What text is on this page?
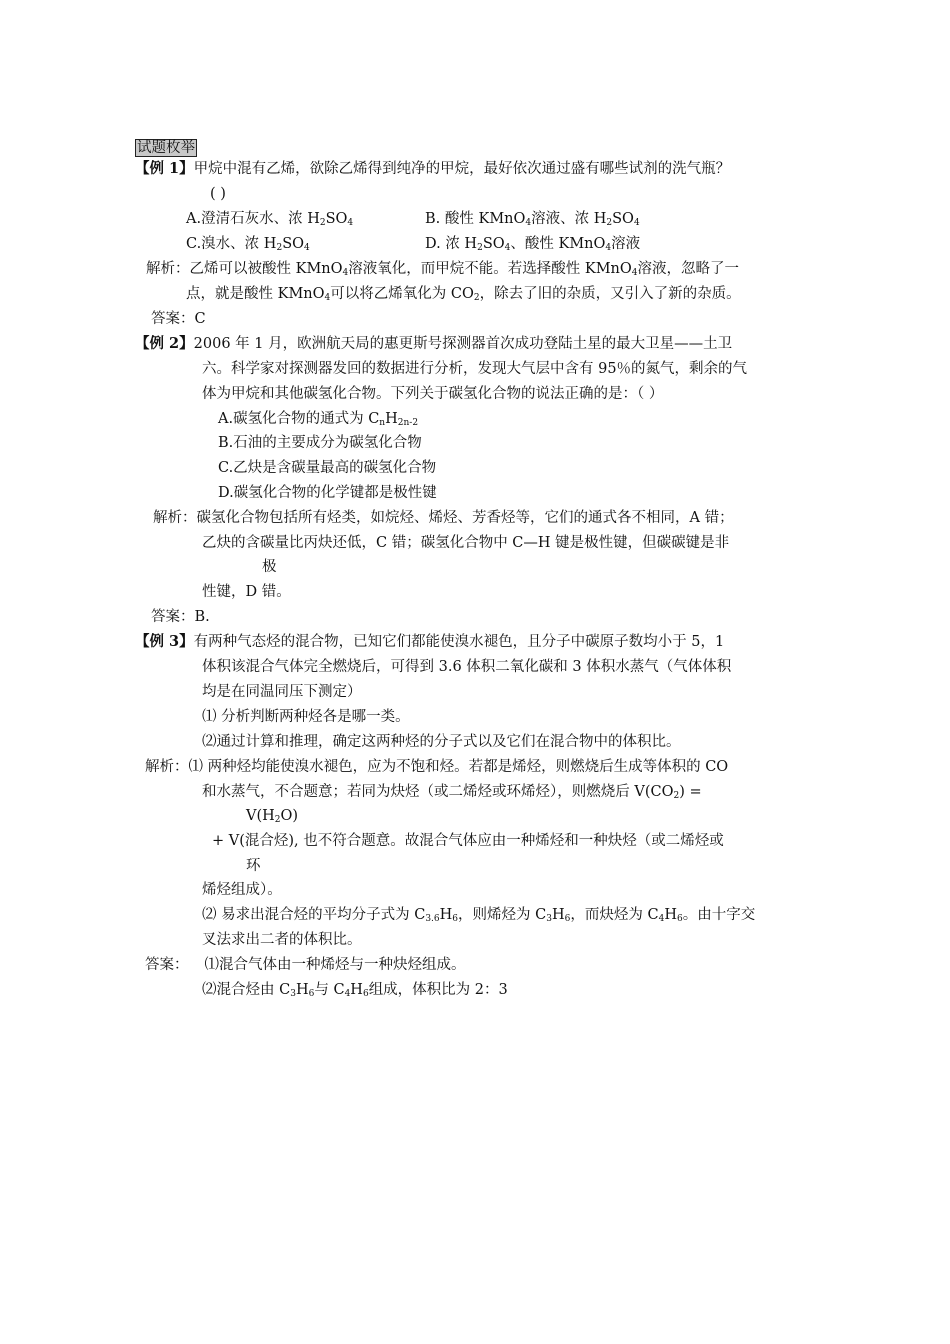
试题枚举
【例 1】甲烷中混有乙烯，欲除乙烯得到纯净的甲烷，最好依次通过盛有哪些试剂的洗气瓶？
( )
A.澄清石灰水、浓 $H_2SO_4$	B. 酸性 KMnO$_4$溶液、浓 $H_2SO_4$
C.溴水、浓 $H_2SO_4$	D. 浓 $H_2SO_4$、酸性 KMnO$_4$溶液
解析：乙烯可以被酸性 KMnO$_4$溶液氧化，而甲烷不能。若选择酸性 KMnO$_4$溶液，忽略了一
点，就是酸性 KMnO$_4$可以将乙烯氧化为 $CO_2$，除去了旧的杂质，又引入了新的杂质。
答案：C
【例 2】2006 年 1 月，欧洲航天局的惠更斯号探测器首次成功登陆土星的最大卫星——土卫
六。科学家对探测器发回的数据进行分析，发现大气层中含有 95％的氮气，剩余的气
体为甲烷和其他碳氢化合物。下列关于碳氢化合物的说法正确的是：（ ）
A.碳氢化合物的通式为 $C_nH_{2n-2}$
B.石油的主要成分为碳氢化合物
C.乙炔是含碳量最高的碳氢化合物
D.碳氢化合物的化学键都是极性键
解析：碳氢化合物包括所有烃类，如烷烃、烯烃、芳香烃等，它们的通式各不相同，A 错；
乙炔的含碳量比丙炔还低，C 错；碳氢化合物中 C—H 键是极性键，但碳碳键是非
极
性键，D 错。
答案：B.
【例 3】有两种气态烃的混合物，已知它们都能使溴水褪色，且分子中碳原子数均小于 5，1
体积该混合气体完全燃烧后，可得到 3.6 体积二氧化碳和 3 体积水蒸气（气体体积
均是在同温同压下测定）
⑴ 分析判断两种烃各是哪一类。
⑵通过计算和推理，确定这两种烃的分子式以及它们在混合物中的体积比。
解析：⑴ 两种烃均能使溴水褪色，应为不饱和烃。若都是烯烃，则燃烧后生成等体积的 CO
和水蒸气，不合题意；若同为炔烃（或二烯烃或环烯烃），则燃烧后 $V(CO_2)$ =
$V(H_2O)$
+ V(混合烃), 也不符合题意。故混合气体应由一种烯烃和一种炔烃（或二烯烃或
环
烯烃组成）。
⑵ 易求出混合烃的平均分子式为 $C_{3.6}H_6$，则烯烃为 $C_3H_6$，而炔烃为 $C_4H_6$。由十字交
叉法求出二者的体积比。
答案： ⑴混合气体由一种烯烃与一种炔烃组成。
⑵混合烃由 $C_3H_6$与 $C_4H_6$组成，体积比为 2：3
